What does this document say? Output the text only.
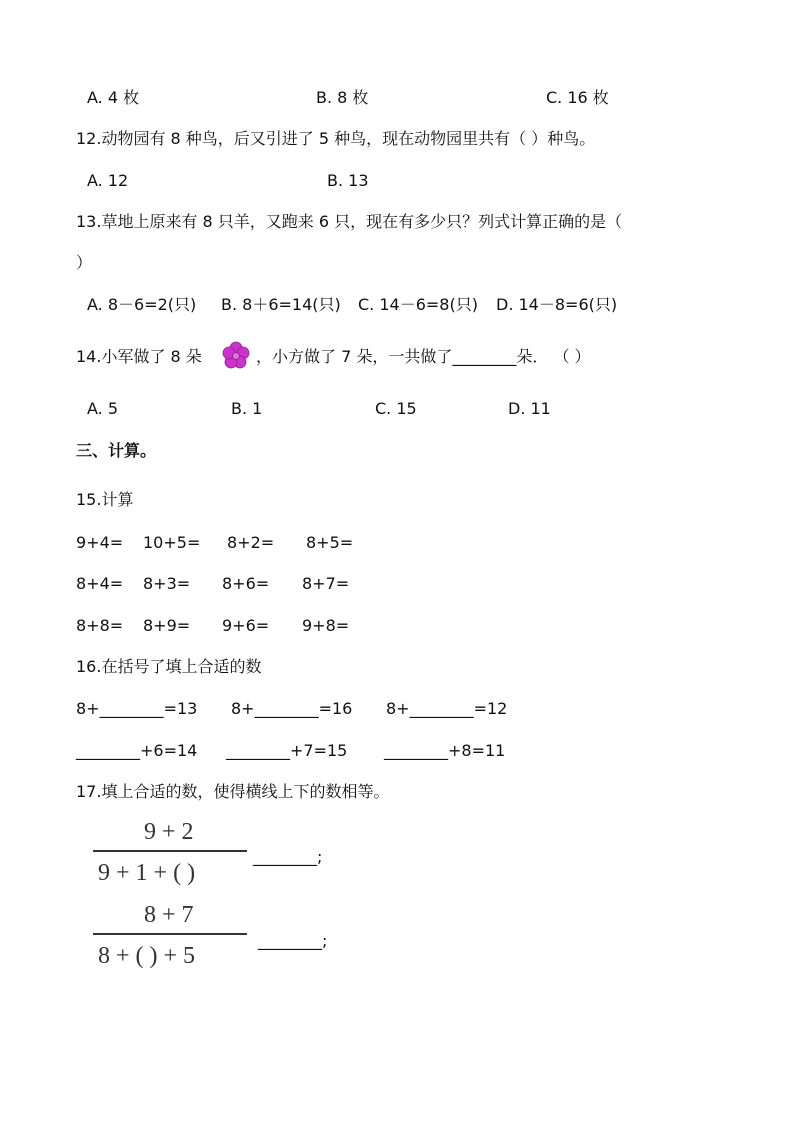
A. 4 枚	B. 8 枚	C. 16 枚
12.动物园有 8 种鸟，后又引进了 5 种鸟，现在动物园里共有（ ）种鸟。
A. 12	B. 13
13.草地上原来有 8 只羊，又跑来 6 只，现在有多少只？列式计算正确的是（
）
A. 8－6=2(只) B. 8＋6=14(只) C. 14－6=8(只) D. 14－8=6(只)
14.小军做了 8 朵	，小方做了 7 朵，一共做了________朵． （ ）
A. 5	B. 1	C. 15	D. 11
三、计算。
15.计算
9+4= 10+5= 8+2= 8+5=
8+4= 8+3= 8+6= 8+7=
8+8= 8+9= 9+6= 9+8=
16.在括号了填上合适的数
8+________=13 8+________=16 8+________=12
________+6=14 ________+7=15 ________+8=11
17.填上合适的数，使得横线上下的数相等。
9 + 2
9 + 1 + ( )
________;
8 + 7
8 + ( ) + 5
________;
